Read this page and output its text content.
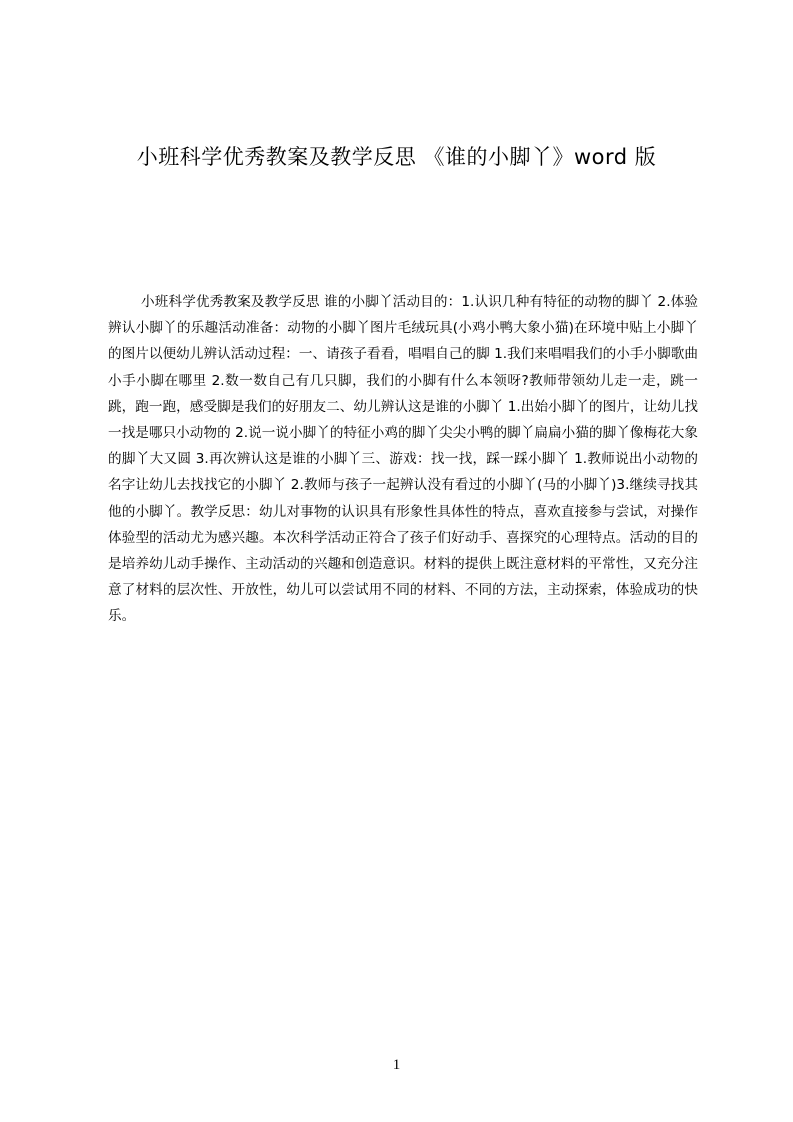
小班科学优秀教案及教学反思 《谁的小脚丫》word 版
小班科学优秀教案及教学反思 谁的小脚丫活动目的：1.认识几种有特征的动物的脚丫 2.体验辨认小脚丫的乐趣活动准备：动物的小脚丫图片毛绒玩具(小鸡小鸭大象小猫)在环境中贴上小脚丫的图片以便幼儿辨认活动过程：一、请孩子看看，唱唱自己的脚 1.我们来唱唱我们的小手小脚歌曲小手小脚在哪里 2.数一数自己有几只脚，我们的小脚有什么本领呀?教师带领幼儿走一走，跳一跳，跑一跑，感受脚是我们的好朋友二、幼儿辨认这是谁的小脚丫 1.出始小脚丫的图片，让幼儿找一找是哪只小动物的 2.说一说小脚丫的特征小鸡的脚丫尖尖小鸭的脚丫扁扁小猫的脚丫像梅花大象的脚丫大又圆 3.再次辨认这是谁的小脚丫三、游戏：找一找，踩一踩小脚丫 1.教师说出小动物的名字让幼儿去找找它的小脚丫 2.教师与孩子一起辨认没有看过的小脚丫(马的小脚丫)3.继续寻找其他的小脚丫。教学反思：幼儿对事物的认识具有形象性具体性的特点，喜欢直接参与尝试，对操作体验型的活动尤为感兴趣。本次科学活动正符合了孩子们好动手、喜探究的心理特点。活动的目的是培养幼儿动手操作、主动活动的兴趣和创造意识。材料的提供上既注意材料的平常性，又充分注意了材料的层次性、开放性，幼儿可以尝试用不同的材料、不同的方法，主动探索，体验成功的快乐。
1
